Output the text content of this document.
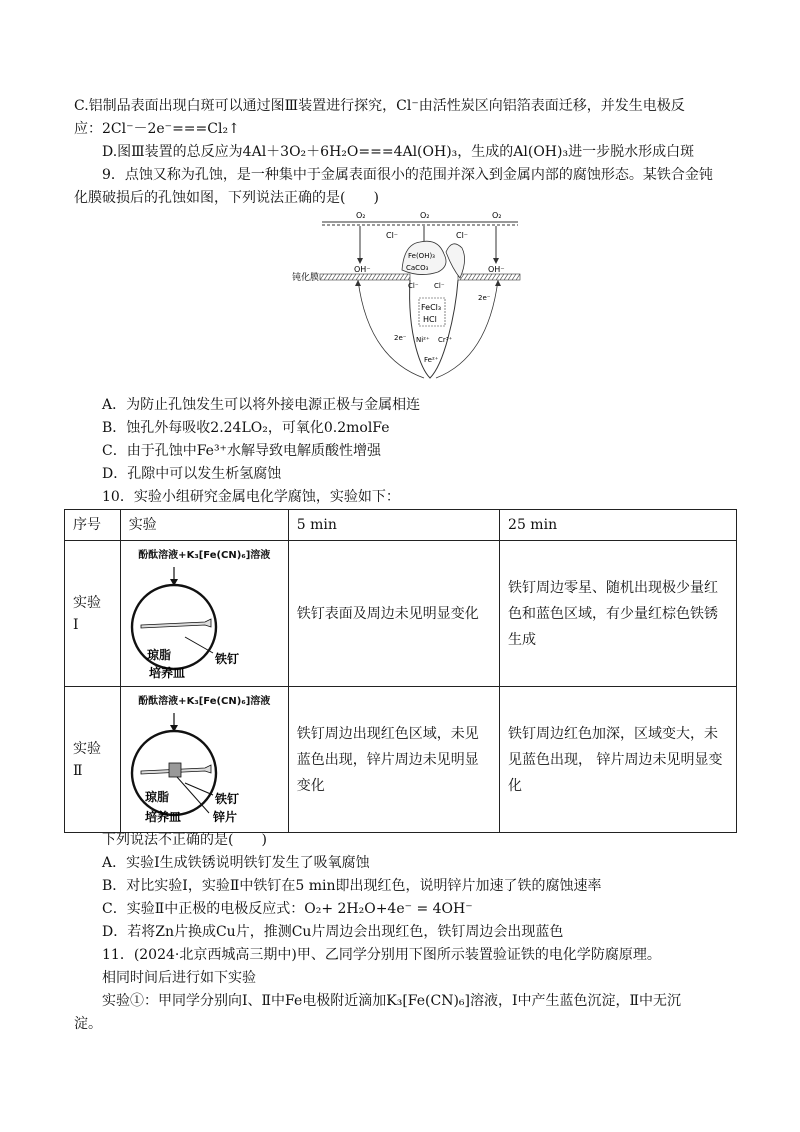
C.铝制品表面出现白斑可以通过图Ⅲ装置进行探究，Cl⁻由活性炭区向铝箔表面迁移，并发生电极反
应：2Cl⁻－2e⁻===Cl₂↑
D.图Ⅲ装置的总反应为4Al＋3O₂＋6H₂O===4Al(OH)₃，生成的Al(OH)₃进一步脱水形成白斑
9．点蚀又称为孔蚀，是一种集中于金属表面很小的范围并深入到金属内部的腐蚀形态。某铁合金钝
化膜破损后的孔蚀如图，下列说法正确的是(　　)
O₂	O₂	O₂
OH⁻	OH⁻
钝化膜
Fe(OH)₃
CaCO₃
Cl⁻	Cl⁻
Cl⁻ Cl⁻
FeCl₃
HCl
Ni²⁺ Cr³⁺
Fe²⁺
2e⁻
2e⁻
A．为防止孔蚀发生可以将外接电源正极与金属相连
B．蚀孔外每吸收2.24LO₂，可氧化0.2molFe
C．由于孔蚀中Fe³⁺水解导致电解质酸性增强
D．孔隙中可以发生析氢腐蚀
10．实验小组研究金属电化学腐蚀，实验如下：
序号	实验	5 min	25 min
实验
Ⅰ	酚酞溶液+K₃[Fe(CN)₆]溶液
琼脂 铁钉
培养皿	铁钉表面及周边未见明显变化	铁钉周边零星、随机出现极少量红色和蓝色区域，有少量红棕色铁锈生成
实验
Ⅱ	酚酞溶液+K₃[Fe(CN)₆]溶液
琼脂 铁钉
锌片
培养皿	铁钉周边出现红色区域，未见蓝色出现，锌片周边未见明显变化	铁钉周边红色加深，区域变大，未见蓝色出现， 锌片周边未见明显变化
下列说法不正确的是(　　)
A．实验Ⅰ生成铁锈说明铁钉发生了吸氧腐蚀
B．对比实验Ⅰ，实验Ⅱ中铁钉在5 min即出现红色，说明锌片加速了铁的腐蚀速率
C．实验Ⅱ中正极的电极反应式：O₂+ 2H₂O+4e⁻ = 4OH⁻
D．若将Zn片换成Cu片，推测Cu片周边会出现红色，铁钉周边会出现蓝色
11．(2024·北京西城高三期中)甲、乙同学分别用下图所示装置验证铁的电化学防腐原理。
相同时间后进行如下实验
实验①：甲同学分别向Ⅰ、Ⅱ中Fe电极附近滴加K₃[Fe(CN)₆]溶液，Ⅰ中产生蓝色沉淀，Ⅱ中无沉
淀。
